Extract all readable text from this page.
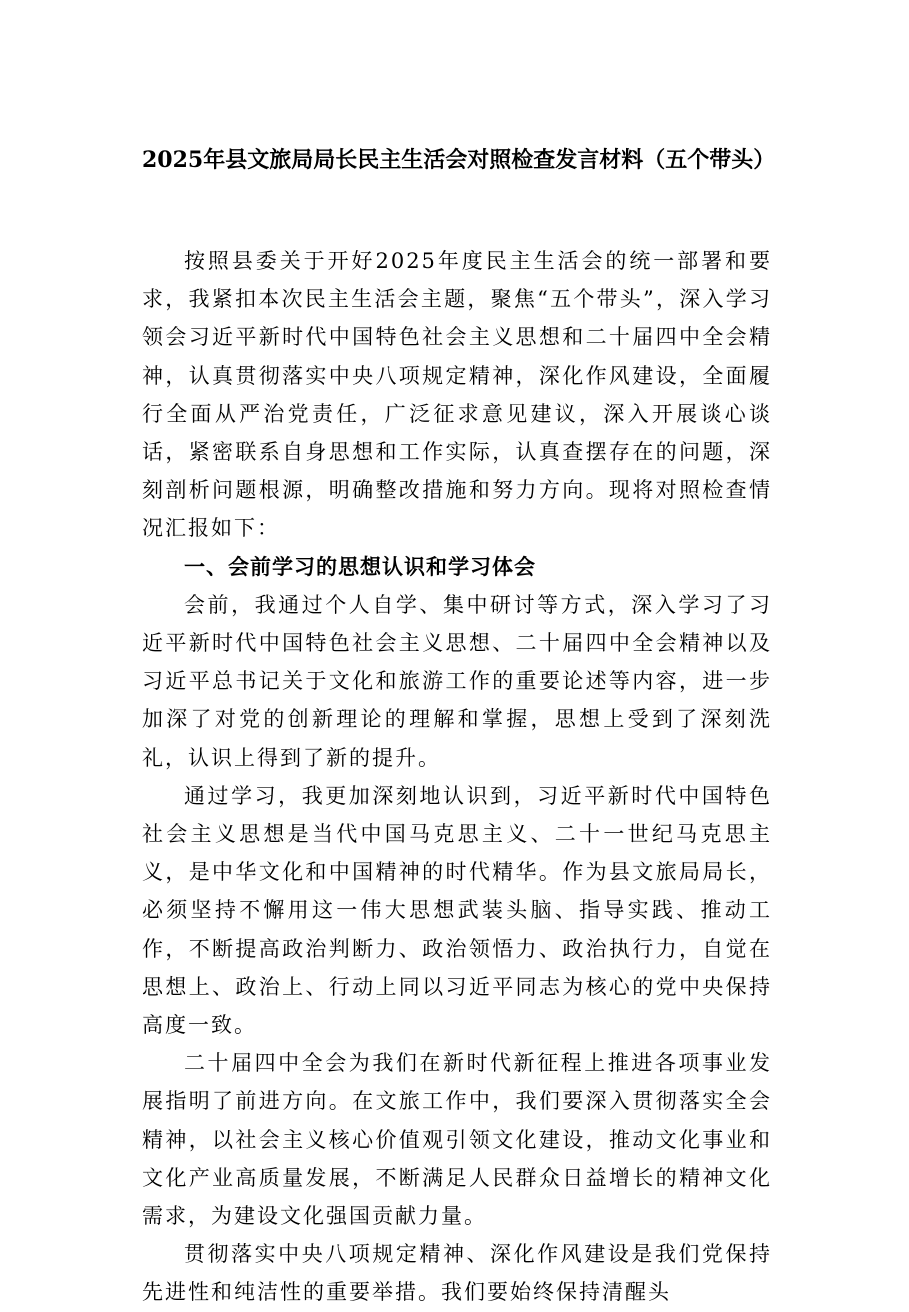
2025年县文旅局局长民主生活会对照检查发言材料（五个带头）

按照县委关于开好2025年度民主生活会的统一部署和要求，我紧扣本次民主生活会主题，聚焦“五个带头”，深入学习领会习近平新时代中国特色社会主义思想和二十届四中全会精神，认真贯彻落实中央八项规定精神，深化作风建设，全面履行全面从严治党责任，广泛征求意见建议，深入开展谈心谈话，紧密联系自身思想和工作实际，认真查摆存在的问题，深刻剖析问题根源，明确整改措施和努力方向。现将对照检查情况汇报如下：

一、会前学习的思想认识和学习体会

会前，我通过个人自学、集中研讨等方式，深入学习了习近平新时代中国特色社会主义思想、二十届四中全会精神以及习近平总书记关于文化和旅游工作的重要论述等内容，进一步加深了对党的创新理论的理解和掌握，思想上受到了深刻洗礼，认识上得到了新的提升。

通过学习，我更加深刻地认识到，习近平新时代中国特色社会主义思想是当代中国马克思主义、二十一世纪马克思主义，是中华文化和中国精神的时代精华。作为县文旅局局长，必须坚持不懈用这一伟大思想武装头脑、指导实践、推动工作，不断提高政治判断力、政治领悟力、政治执行力，自觉在思想上、政治上、行动上同以习近平同志为核心的党中央保持高度一致。

二十届四中全会为我们在新时代新征程上推进各项事业发展指明了前进方向。在文旅工作中，我们要深入贯彻落实全会精神，以社会主义核心价值观引领文化建设，推动文化事业和文化产业高质量发展，不断满足人民群众日益增长的精神文化需求，为建设文化强国贡献力量。

贯彻落实中央八项规定精神、深化作风建设是我们党保持先进性和纯洁性的重要举措。我们要始终保持清醒头
